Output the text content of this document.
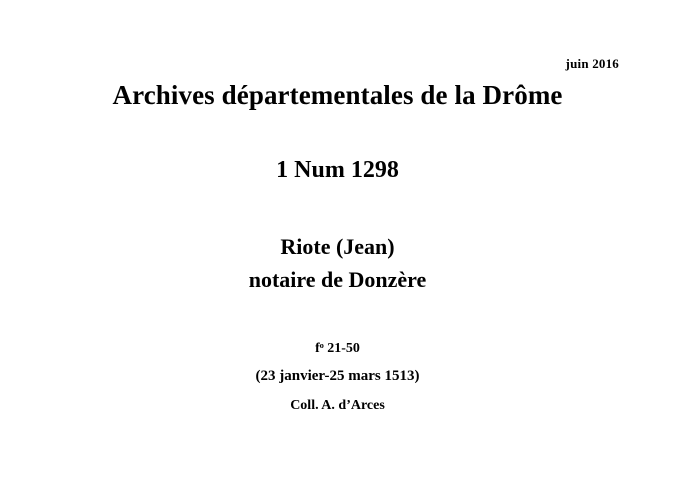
juin 2016
Archives départementales de la Drôme
1 Num 1298

Riote (Jean)

notaire de Donzère

fᵒ 21-50

(23 janvier-25 mars 1513)

Coll. A. d’Arces
